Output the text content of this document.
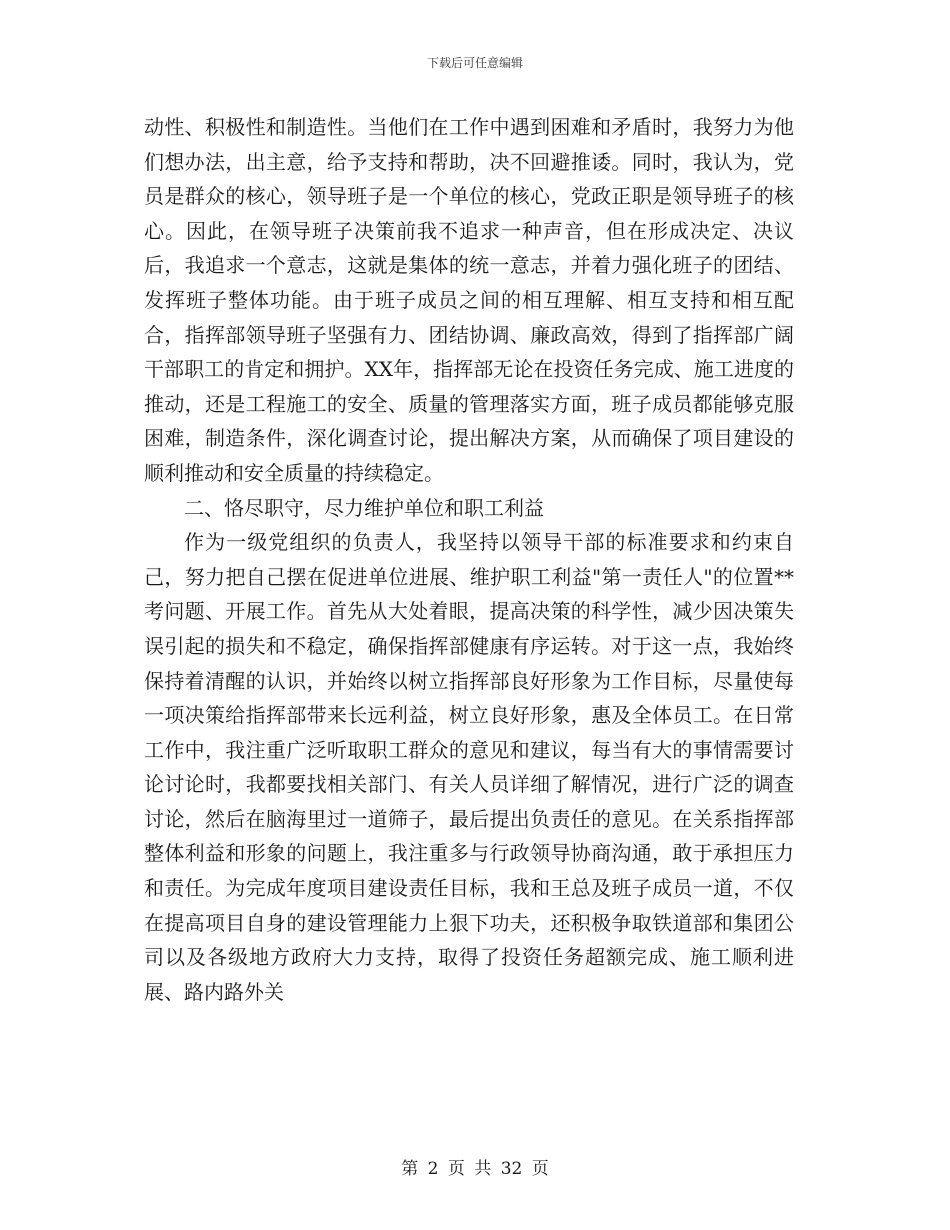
下载后可任意编辑

动性、积极性和制造性。当他们在工作中遇到困难和矛盾时，我努力为他们想办法，出主意，给予支持和帮助，决不回避推诿。同时，我认为，党员是群众的核心，领导班子是一个单位的核心，党政正职是领导班子的核心。因此，在领导班子决策前我不追求一种声音，但在形成决定、决议后，我追求一个意志，这就是集体的统一意志，并着力强化班子的团结、发挥班子整体功能。由于班子成员之间的相互理解、相互支持和相互配合，指挥部领导班子坚强有力、团结协调、廉政高效，得到了指挥部广阔干部职工的肯定和拥护。XX年，指挥部无论在投资任务完成、施工进度的推动，还是工程施工的安全、质量的管理落实方面，班子成员都能够克服困难，制造条件，深化调查讨论，提出解决方案，从而确保了项目建设的顺利推动和安全质量的持续稳定。

二、恪尽职守，尽力维护单位和职工利益

作为一级党组织的负责人，我坚持以领导干部的标准要求和约束自己，努力把自己摆在促进单位进展、维护职工利益"第一责任人"的位置**考问题、开展工作。首先从大处着眼，提高决策的科学性，减少因决策失误引起的损失和不稳定，确保指挥部健康有序运转。对于这一点，我始终保持着清醒的认识，并始终以树立指挥部良好形象为工作目标，尽量使每一项决策给指挥部带来长远利益，树立良好形象，惠及全体员工。在日常工作中，我注重广泛听取职工群众的意见和建议，每当有大的事情需要讨论讨论时，我都要找相关部门、有关人员详细了解情况，进行广泛的调查讨论，然后在脑海里过一道筛子，最后提出负责任的意见。在关系指挥部整体利益和形象的问题上，我注重多与行政领导协商沟通，敢于承担压力和责任。为完成年度项目建设责任目标，我和王总及班子成员一道，不仅在提高项目自身的建设管理能力上狠下功夫，还积极争取铁道部和集团公司以及各级地方政府大力支持，取得了投资任务超额完成、施工顺利进展、路内路外关

第 2 页 共 32 页
